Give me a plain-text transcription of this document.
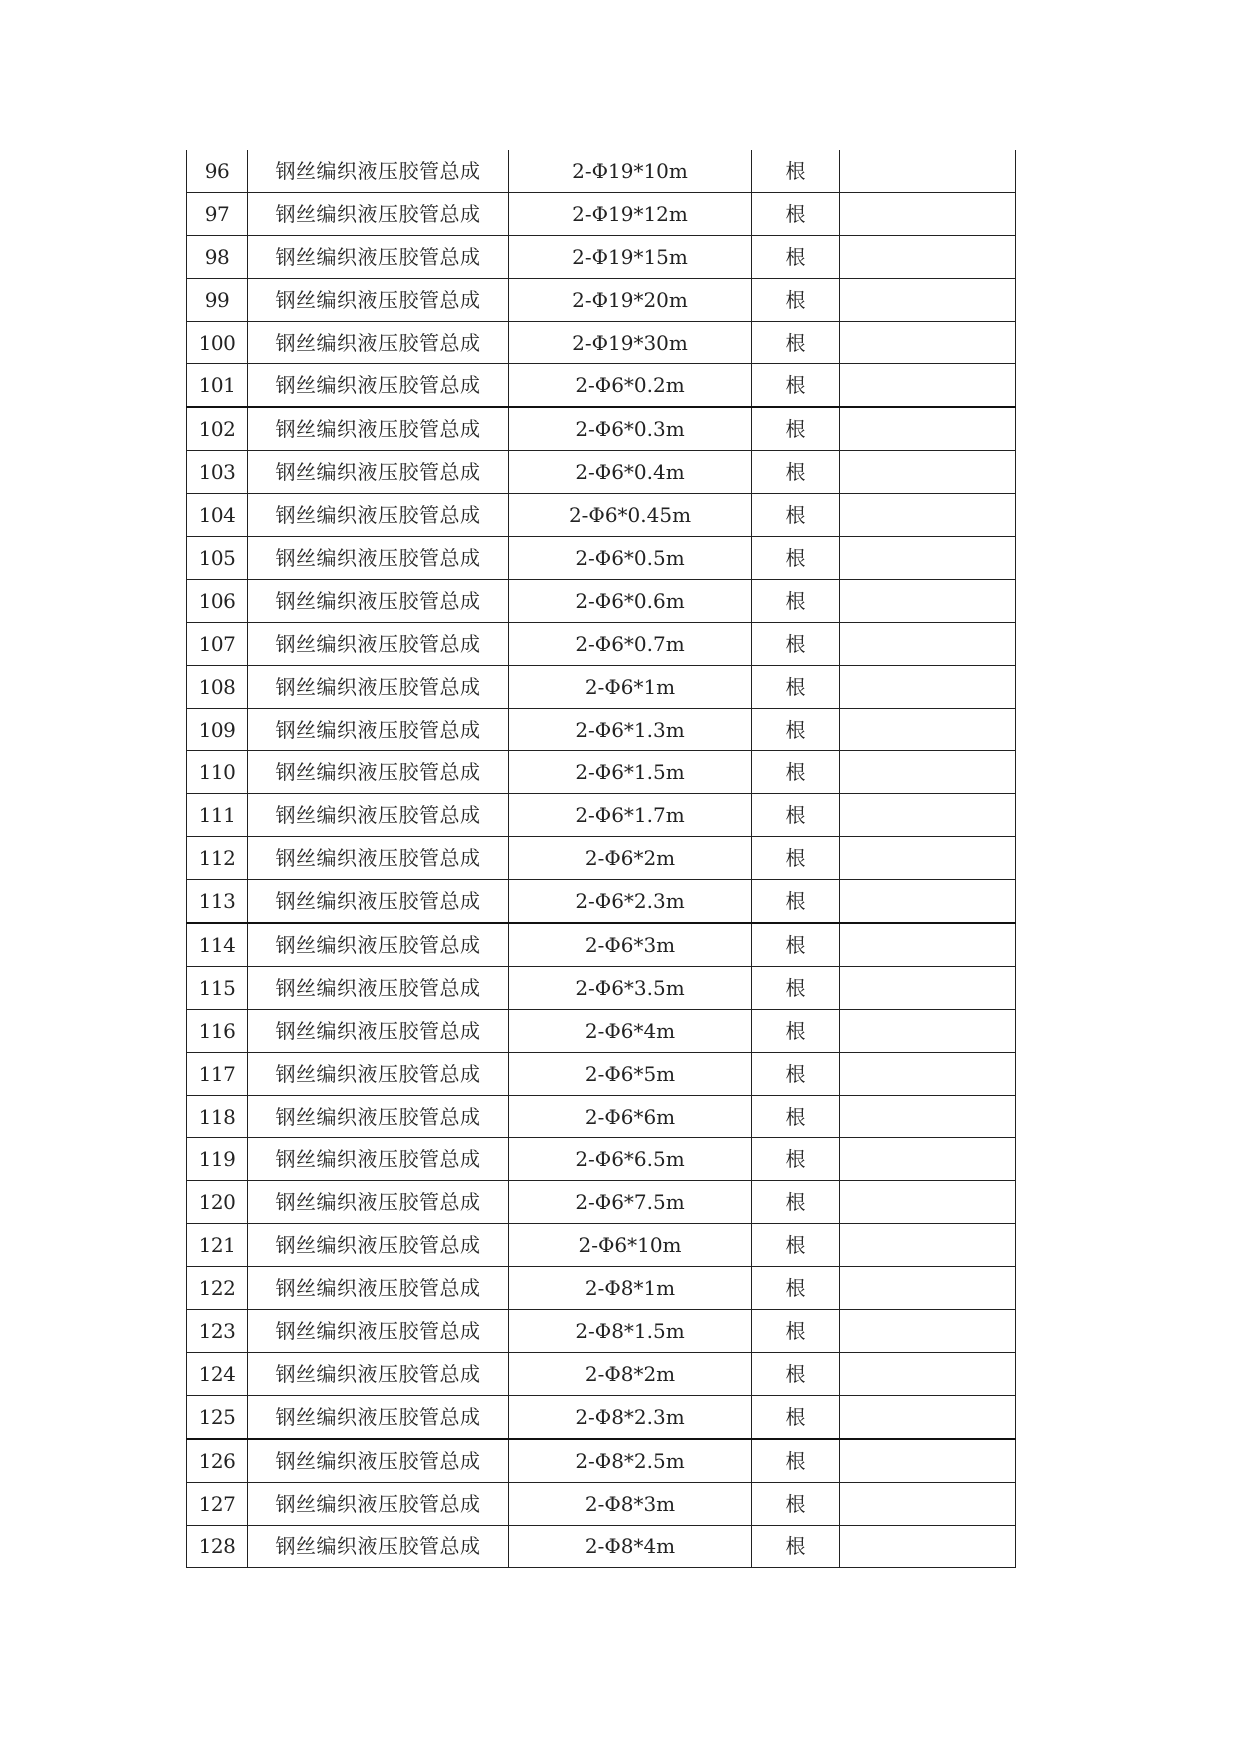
96	钢丝编织液压胶管总成	2-Φ19*10m	根	
97	钢丝编织液压胶管总成	2-Φ19*12m	根	
98	钢丝编织液压胶管总成	2-Φ19*15m	根	
99	钢丝编织液压胶管总成	2-Φ19*20m	根	
100	钢丝编织液压胶管总成	2-Φ19*30m	根	
101	钢丝编织液压胶管总成	2-Φ6*0.2m	根	
102	钢丝编织液压胶管总成	2-Φ6*0.3m	根	
103	钢丝编织液压胶管总成	2-Φ6*0.4m	根	
104	钢丝编织液压胶管总成	2-Φ6*0.45m	根	
105	钢丝编织液压胶管总成	2-Φ6*0.5m	根	
106	钢丝编织液压胶管总成	2-Φ6*0.6m	根	
107	钢丝编织液压胶管总成	2-Φ6*0.7m	根	
108	钢丝编织液压胶管总成	2-Φ6*1m	根	
109	钢丝编织液压胶管总成	2-Φ6*1.3m	根	
110	钢丝编织液压胶管总成	2-Φ6*1.5m	根	
111	钢丝编织液压胶管总成	2-Φ6*1.7m	根	
112	钢丝编织液压胶管总成	2-Φ6*2m	根	
113	钢丝编织液压胶管总成	2-Φ6*2.3m	根	
114	钢丝编织液压胶管总成	2-Φ6*3m	根	
115	钢丝编织液压胶管总成	2-Φ6*3.5m	根	
116	钢丝编织液压胶管总成	2-Φ6*4m	根	
117	钢丝编织液压胶管总成	2-Φ6*5m	根	
118	钢丝编织液压胶管总成	2-Φ6*6m	根	
119	钢丝编织液压胶管总成	2-Φ6*6.5m	根	
120	钢丝编织液压胶管总成	2-Φ6*7.5m	根	
121	钢丝编织液压胶管总成	2-Φ6*10m	根	
122	钢丝编织液压胶管总成	2-Φ8*1m	根	
123	钢丝编织液压胶管总成	2-Φ8*1.5m	根	
124	钢丝编织液压胶管总成	2-Φ8*2m	根	
125	钢丝编织液压胶管总成	2-Φ8*2.3m	根	
126	钢丝编织液压胶管总成	2-Φ8*2.5m	根	
127	钢丝编织液压胶管总成	2-Φ8*3m	根	
128	钢丝编织液压胶管总成	2-Φ8*4m	根	
